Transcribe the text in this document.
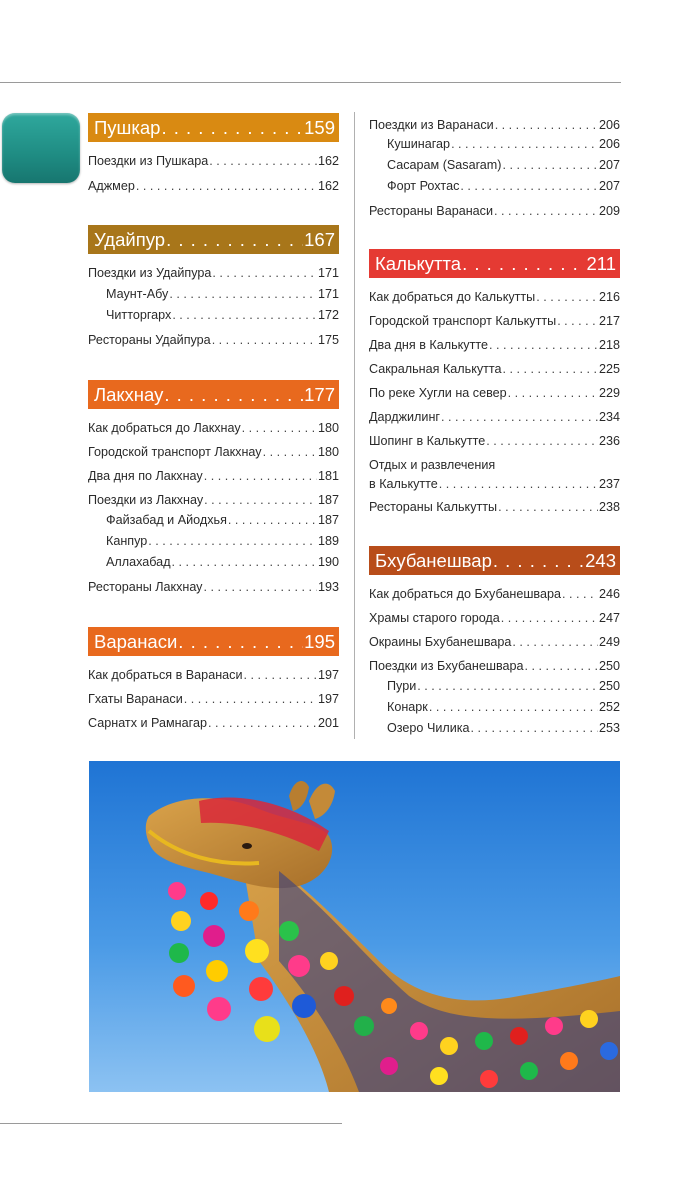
Пушкар . . .	159
Поездки из Пушкара . . .	162
Аджмер . . .	162
Удайпур . . .	167
Поездки из Удайпура . . .	171
Маунт-Абу . . .	171
Читторгарх . . .	172
Рестораны Удайпура . . .	175
Лакхнау . . .	177
Как добраться до Лакхнау . . .	180
Городской транспорт Лакхнау . . .	180
Два дня по Лакхнау . . .	181
Поездки из Лакхнау . . .	187
Файзабад и Айодхья . . .	187
Канпур . . .	189
Аллахабад . . .	190
Рестораны Лакхнау . . .	193
Варанаси . . .	195
Как добраться в Варанаси . . .	197
Гхаты Варанаси . . .	197
Сарнатх и Рамнагар . . .	201
Поездки из Варанаси . . .	206
Кушинагар . . .	206
Сасарам (Sasaram) . . .	207
Форт Рохтас . . .	207
Рестораны Варанаси . . .	209
Калькутта . . .	211
Как добраться до Калькутты . . .	216
Городской транспорт Калькутты . . .	217
Два дня в Калькутте . . .	218
Сакральная Калькутта . . .	225
По реке Хугли на север . . .	229
Дарджилинг . . .	234
Шопинг в Калькутте . . .	236
Отдых и развлечения
в Калькутте . . .	237
Рестораны Калькутты . . .	238
Бхубанешвар . . .	243
Как добраться до Бхубанешвара . . .	246
Храмы старого города . . .	247
Окраины Бхубанешвара . . .	249
Поездки из Бхубанешвара . . .	250
Пури . . .	250
Конарк . . .	252
Озеро Чилика . . .	253
